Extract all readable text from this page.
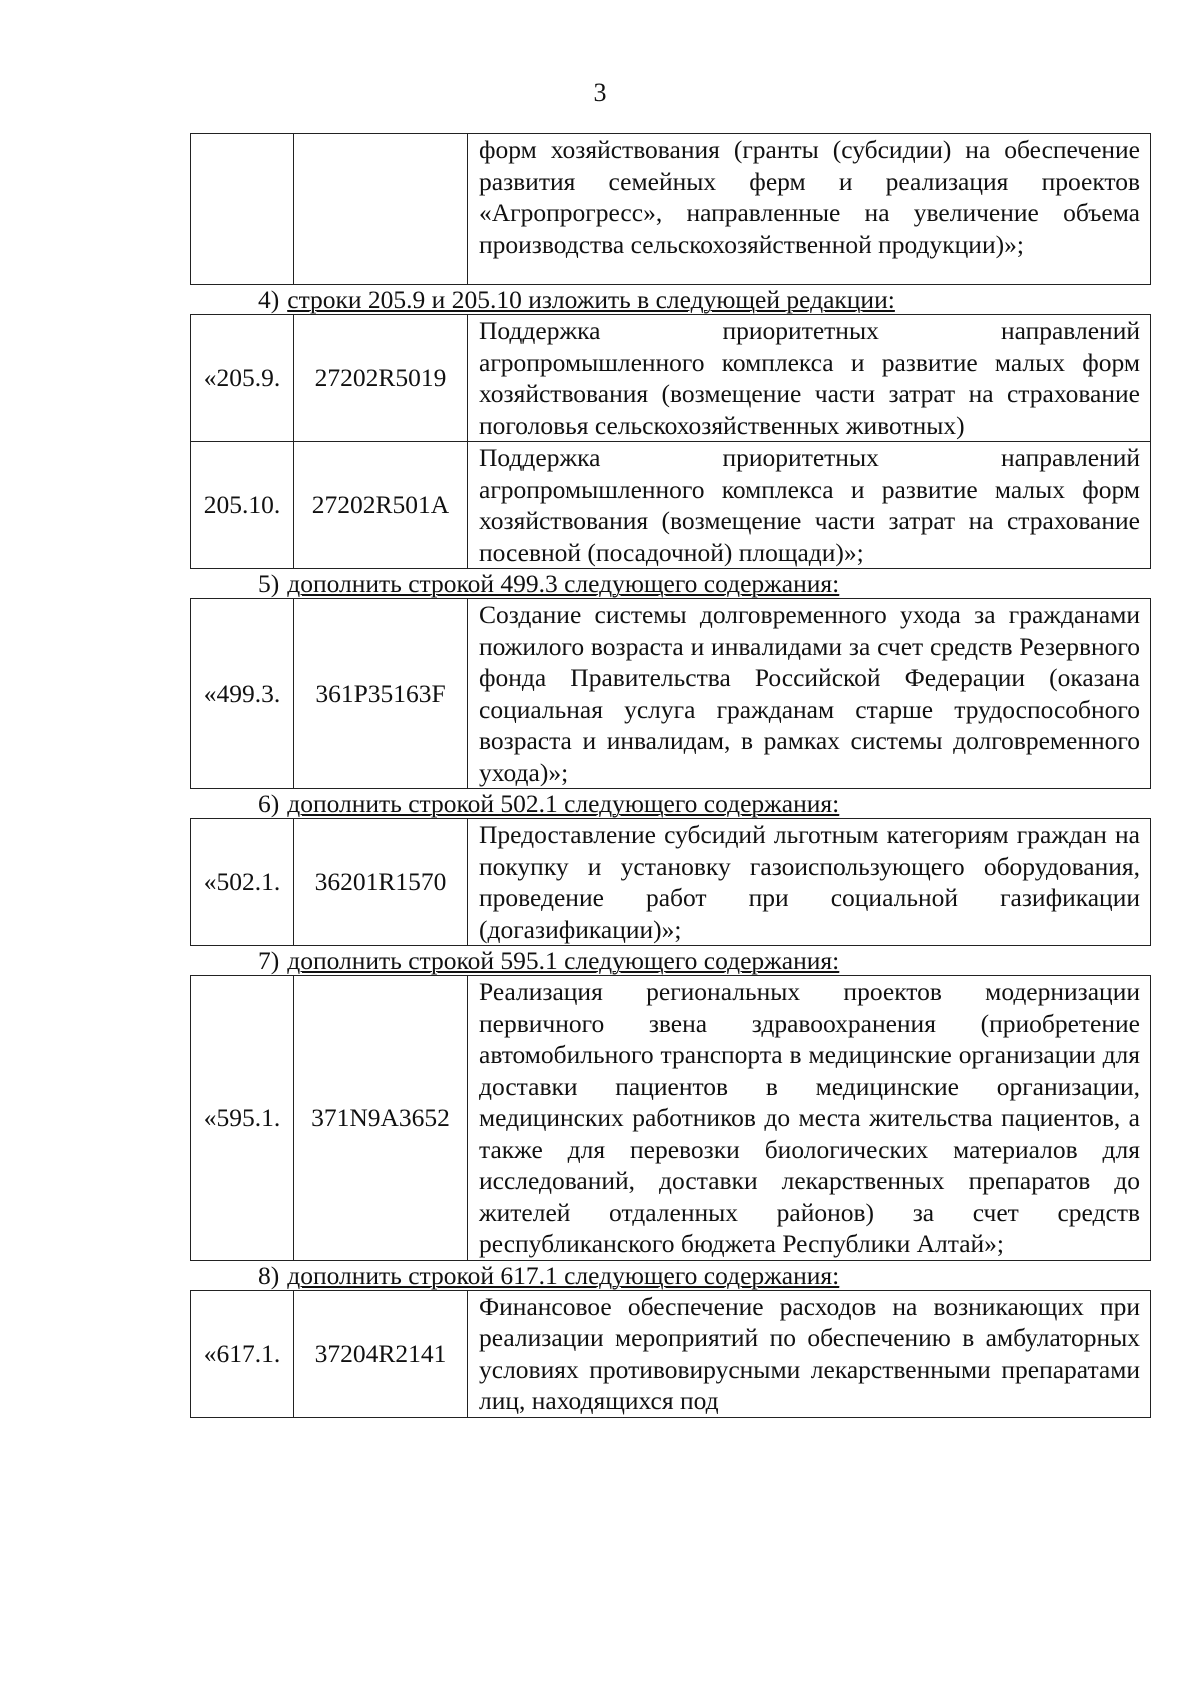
3
		форм хозяйствования (гранты (субсидии) на обеспечение развития семейных ферм и реализация проектов «Агропрогресс», направленные на увеличение объема производства сельскохозяйственной продукции)»;
4) строки 205.9 и 205.10 изложить в следующей редакции:
«205.9.	27202R5019	Поддержка приоритетных направлений агропромышленного комплекса и развитие малых форм хозяйствования (возмещение части затрат на страхование поголовья сельскохозяйственных животных)
205.10.	27202R501A	Поддержка приоритетных направлений агропромышленного комплекса и развитие малых форм хозяйствования (возмещение части затрат на страхование посевной (посадочной) площади)»;
5) дополнить строкой 499.3 следующего содержания:
«499.3.	361P35163F	Создание системы долговременного ухода за гражданами пожилого возраста и инвалидами за счет средств Резервного фонда Правительства Российской Федерации (оказана социальная услуга гражданам старше трудоспособного возраста и инвалидам, в рамках системы долговременного ухода)»;
6) дополнить строкой 502.1 следующего содержания:
«502.1.	36201R1570	Предоставление субсидий льготным категориям граждан на покупку и установку газоиспользующего оборудования, проведение работ при социальной газификации (догазификации)»;
7) дополнить строкой 595.1 следующего содержания:
«595.1.	371N9A3652	Реализация региональных проектов модернизации первичного звена здравоохранения (приобретение автомобильного транспорта в медицинские организации для доставки пациентов в медицинские организации, медицинских работников до места жительства пациентов, а также для перевозки биологических материалов для исследований, доставки лекарственных препаратов до жителей отдаленных районов) за счет средств республиканского бюджета Республики Алтай»;
8) дополнить строкой 617.1 следующего содержания:
«617.1.	37204R2141	Финансовое обеспечение расходов на возникающих при реализации мероприятий по обеспечению в амбулаторных условиях противовирусными лекарственными препаратами лиц, находящихся под
